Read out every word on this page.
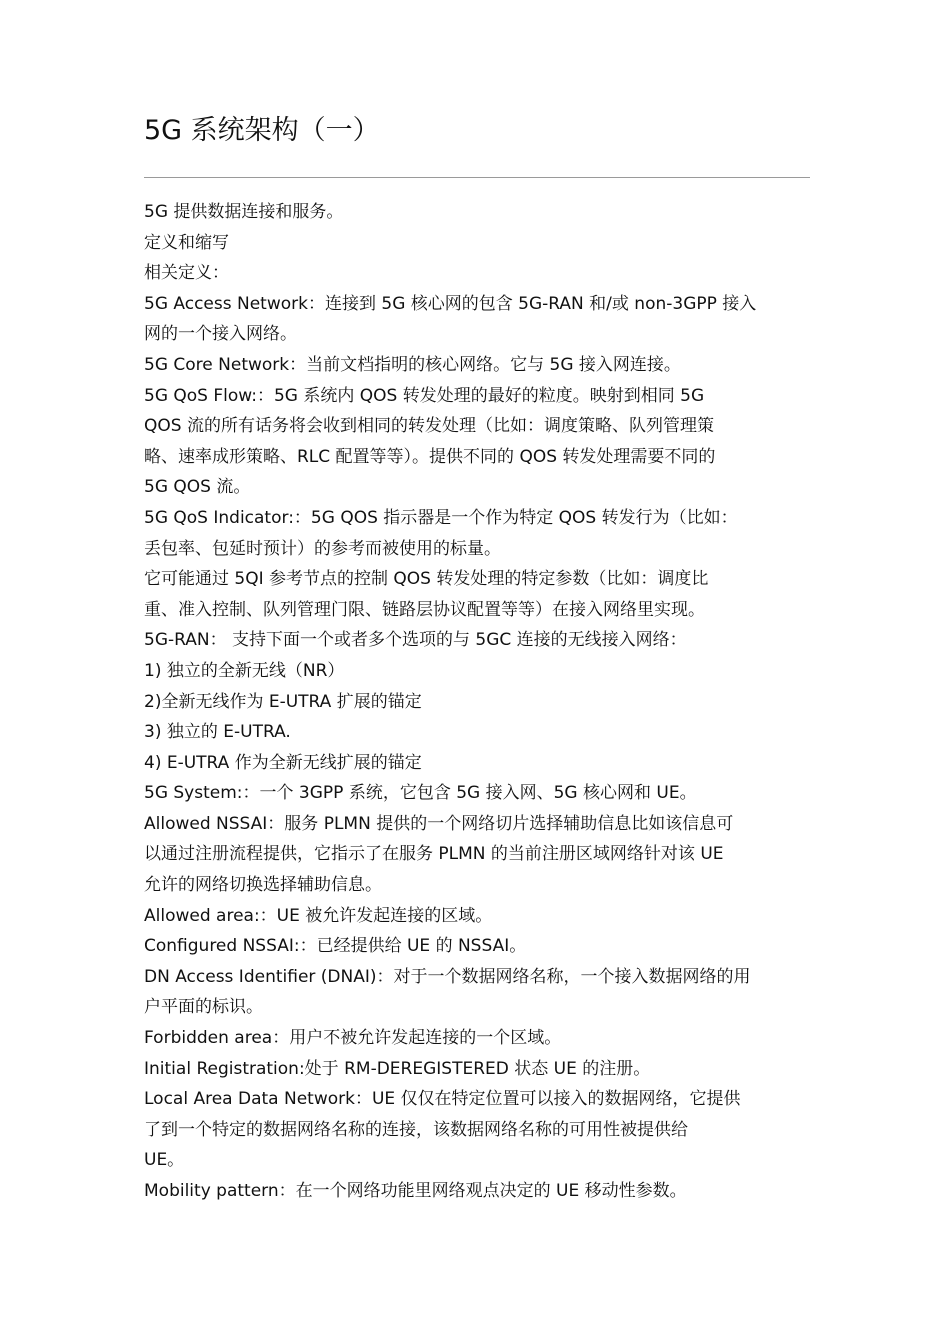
5G 系统架构（一）
5G 提供数据连接和服务。
定义和缩写
相关定义：
5G Access Network：连接到 5G 核心网的包含 5G-RAN 和/或 non-3GPP 接入
网的一个接入网络。
5G Core Network：当前文档指明的核心网络。它与 5G 接入网连接。
5G QoS Flow:：5G 系统内 QOS 转发处理的最好的粒度。映射到相同 5G
QOS 流的所有话务将会收到相同的转发处理（比如：调度策略、队列管理策
略、速率成形策略、RLC 配置等等）。提供不同的 QOS 转发处理需要不同的
5G QOS 流。
5G QoS Indicator:：5G QOS 指示器是一个作为特定 QOS 转发行为（比如：
丢包率、包延时预计）的参考而被使用的标量。
它可能通过 5QI 参考节点的控制 QOS 转发处理的特定参数（比如：调度比
重、准入控制、队列管理门限、链路层协议配置等等）在接入网络里实现。
5G-RAN： 支持下面一个或者多个选项的与 5GC 连接的无线接入网络：
1) 独立的全新无线（NR）
2)全新无线作为 E-UTRA 扩展的锚定
3) 独立的 E-UTRA.
4) E-UTRA 作为全新无线扩展的锚定
5G System:：一个 3GPP 系统，它包含 5G 接入网、5G 核心网和 UE。
Allowed NSSAI：服务 PLMN 提供的一个网络切片选择辅助信息比如该信息可
以通过注册流程提供，它指示了在服务 PLMN 的当前注册区域网络针对该 UE
允许的网络切换选择辅助信息。
Allowed area:：UE 被允许发起连接的区域。
Configured NSSAI:：已经提供给 UE 的 NSSAI。
DN Access Identifier (DNAI)：对于一个数据网络名称，一个接入数据网络的用
户平面的标识。
Forbidden area：用户不被允许发起连接的一个区域。
Initial Registration:处于 RM-DEREGISTERED 状态 UE 的注册。
Local Area Data Network：UE 仅仅在特定位置可以接入的数据网络，它提供
了到一个特定的数据网络名称的连接，该数据网络名称的可用性被提供给
UE。
Mobility pattern：在一个网络功能里网络观点决定的 UE 移动性参数。
